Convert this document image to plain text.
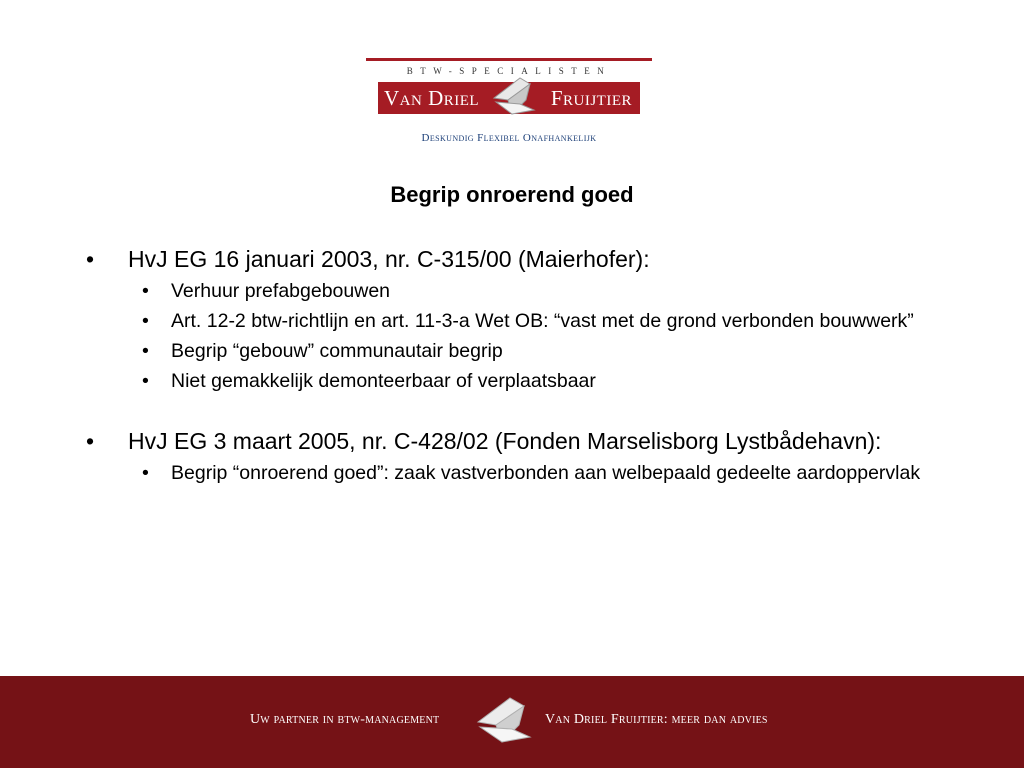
BTW-SPECIALISTEN
Van Driel	Fruijtier
Deskundig Flexibel Onafhankelijk
Begrip onroerend goed
• HvJ EG 16 januari 2003, nr. C-315/00 (Maierhofer):
• Verhuur prefabgebouwen
• Art. 12-2 btw-richtlijn en art. 11-3-a Wet OB: “vast met de grond verbonden bouwwerk”
• Begrip “gebouw” communautair begrip
• Niet gemakkelijk demonteerbaar of verplaatsbaar
• HvJ EG 3 maart 2005, nr. C-428/02 (Fonden Marselisborg Lystbådehavn):
• Begrip “onroerend goed”: zaak vastverbonden aan welbepaald gedeelte aardoppervlak
Uw partner in btw-management	Van Driel Fruijtier: meer dan advies
